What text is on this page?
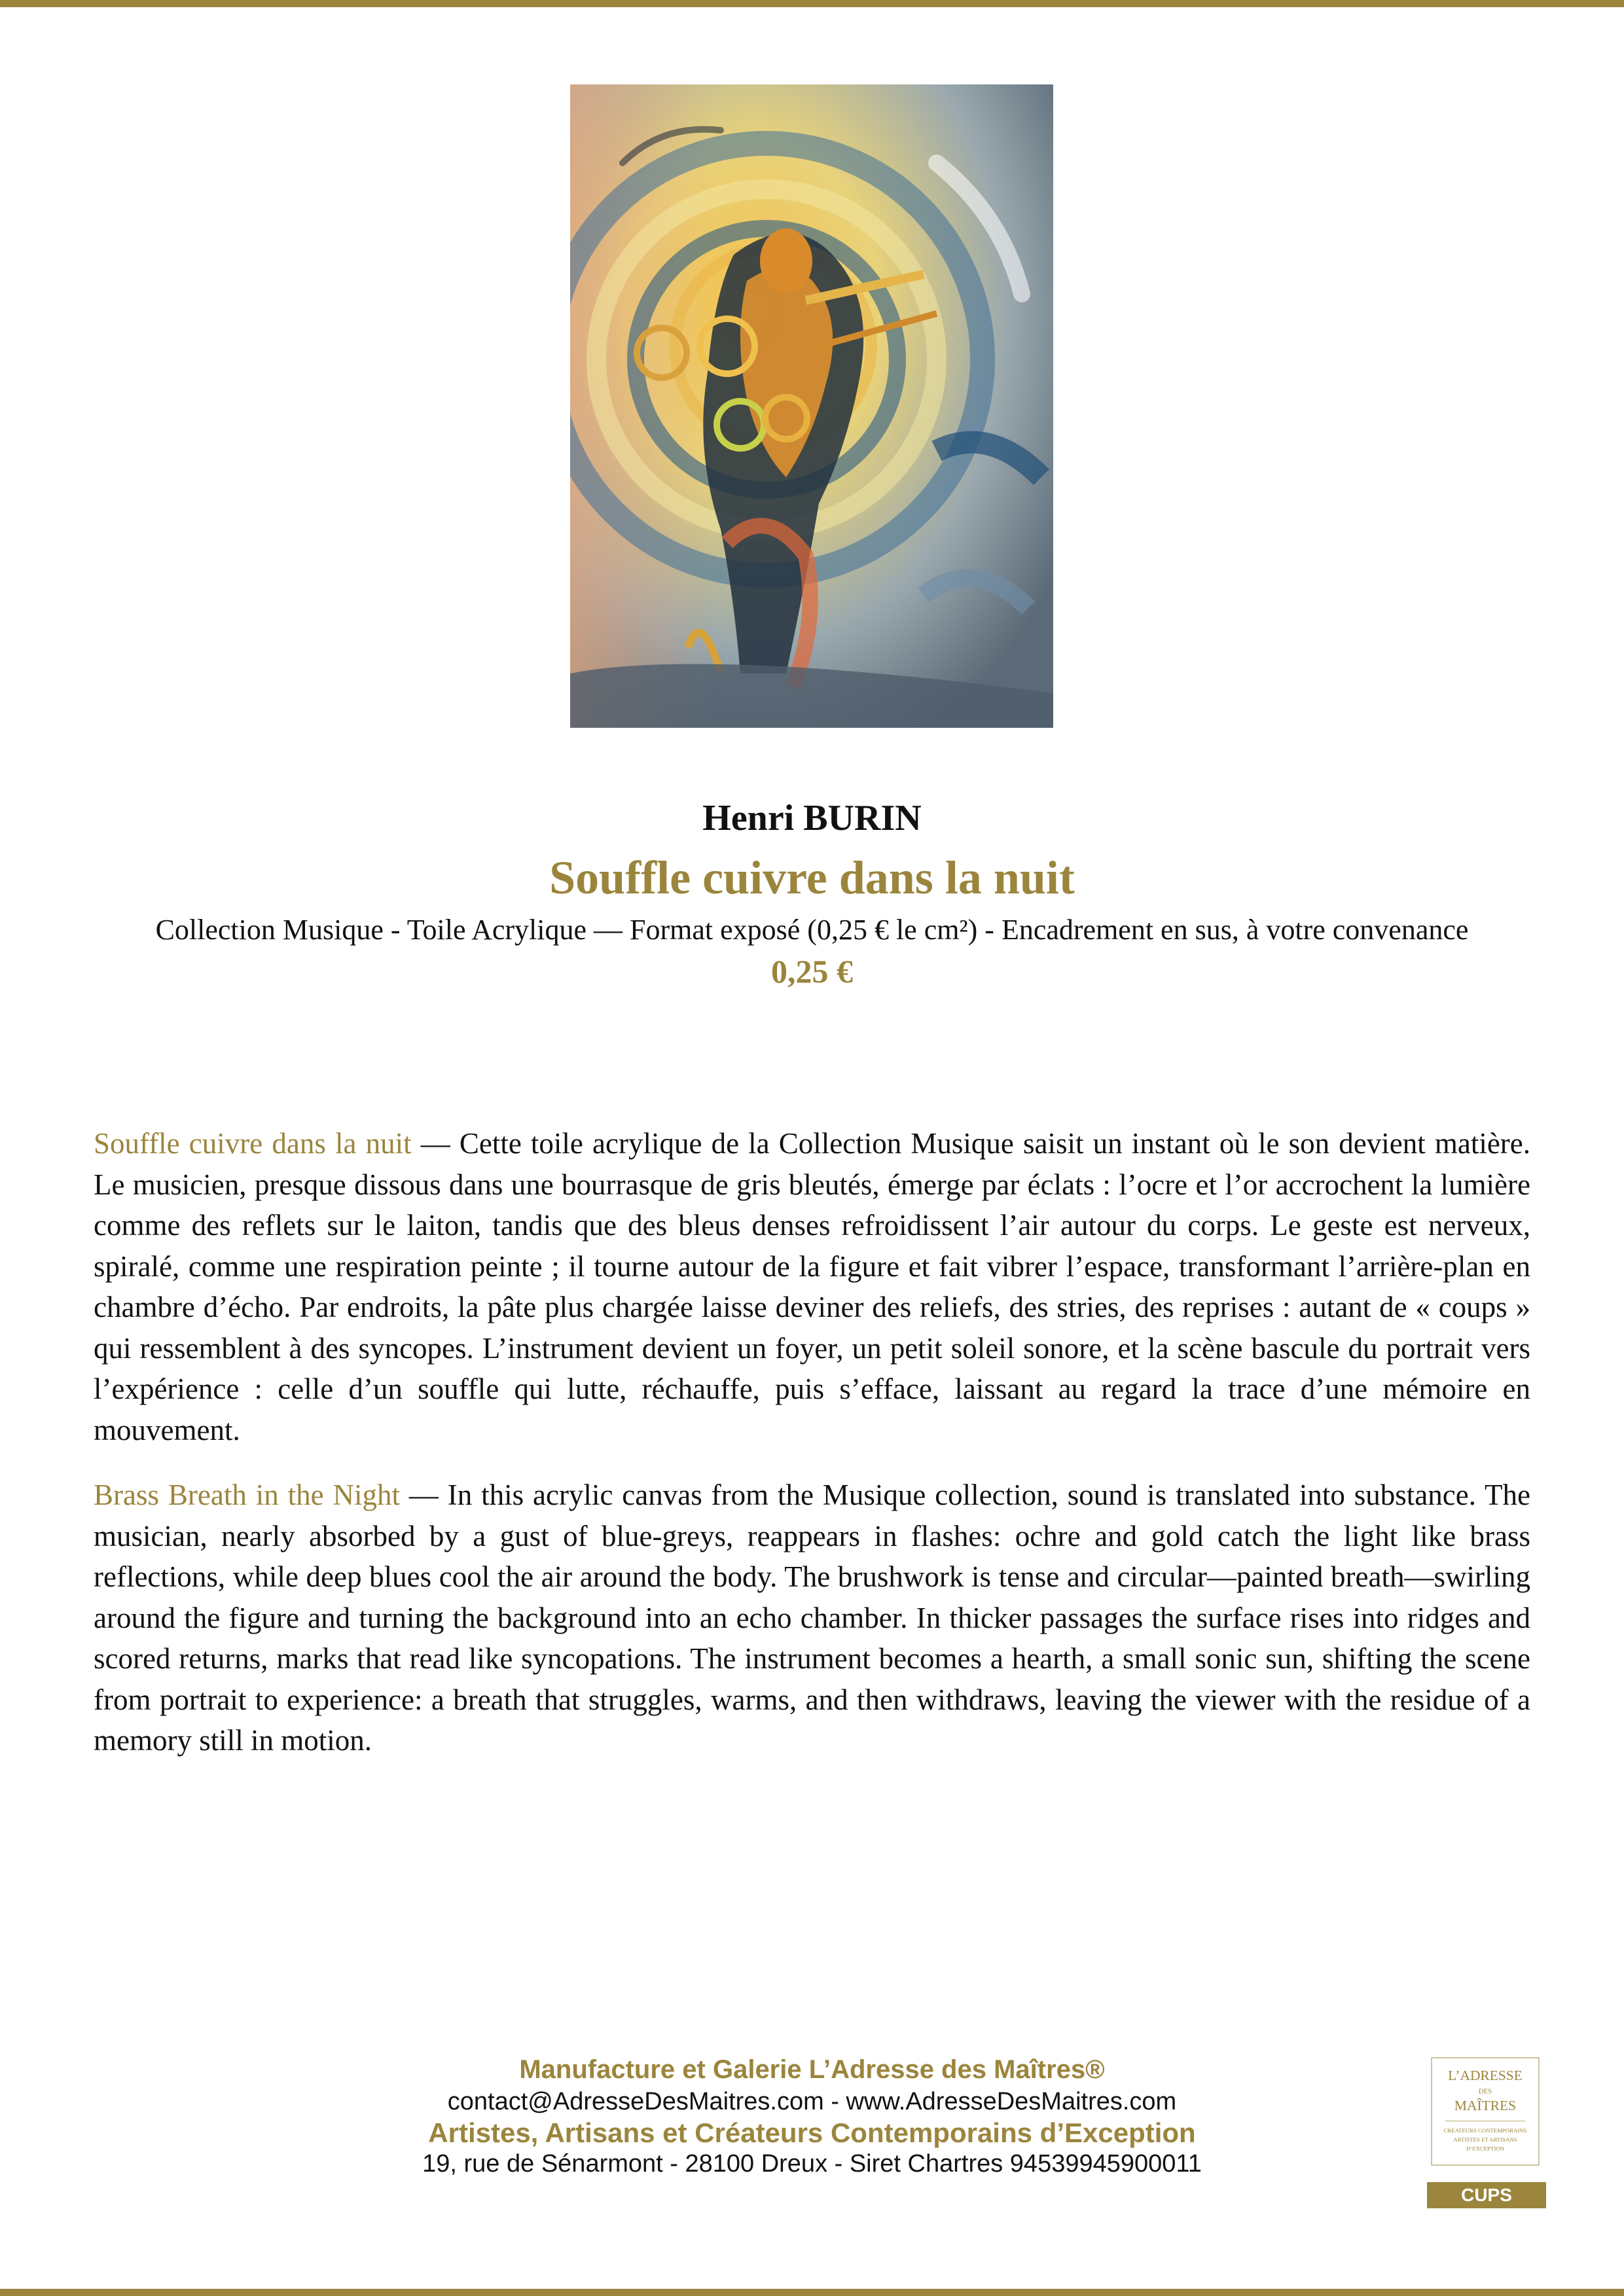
Henri BURIN
Souffle cuivre dans la nuit
Collection Musique - Toile Acrylique — Format exposé (0,25 € le cm²) - Encadrement en sus, à votre convenance
0,25 €
Souffle cuivre dans la nuit — Cette toile acrylique de la Collection Musique saisit un instant où le son devient matière. Le musicien, presque dissous dans une bourrasque de gris bleutés, émerge par éclats : l’ocre et l’or accrochent la lumière comme des reflets sur le laiton, tandis que des bleus denses refroidissent l’air autour du corps. Le geste est nerveux, spiralé, comme une respiration peinte ; il tourne autour de la figure et fait vibrer l’espace, transformant l’arrière-plan en chambre d’écho. Par endroits, la pâte plus chargée laisse deviner des reliefs, des stries, des reprises : autant de « coups » qui ressemblent à des syncopes. L’instrument devient un foyer, un petit soleil sonore, et la scène bascule du portrait vers l’expérience : celle d’un souffle qui lutte, réchauffe, puis s’efface, laissant au regard la trace d’une mémoire en mouvement.
Brass Breath in the Night — In this acrylic canvas from the Musique collection, sound is translated into substance. The musician, nearly absorbed by a gust of blue-greys, reappears in flashes: ochre and gold catch the light like brass reflections, while deep blues cool the air around the body. The brushwork is tense and circular—painted breath—swirling around the figure and turning the background into an echo chamber. In thicker passages the surface rises into ridges and scored returns, marks that read like syncopations. The instrument becomes a hearth, a small sonic sun, shifting the scene from portrait to experience: a breath that struggles, warms, and then withdraws, leaving the viewer with the residue of a memory still in motion.
Manufacture et Galerie L’Adresse des Maîtres®
contact@AdresseDesMaitres.com - www.AdresseDesMaitres.com
Artistes, Artisans et Créateurs Contemporains d’Exception
19, rue de Sénarmont - 28100 Dreux - Siret Chartres 94539945900011
L’ADRESSE
DES
MAÎTRES
CRÉATEURS CONTEMPORAINS
ARTISTES ET ARTISANS
D’EXCEPTION
CUPS
